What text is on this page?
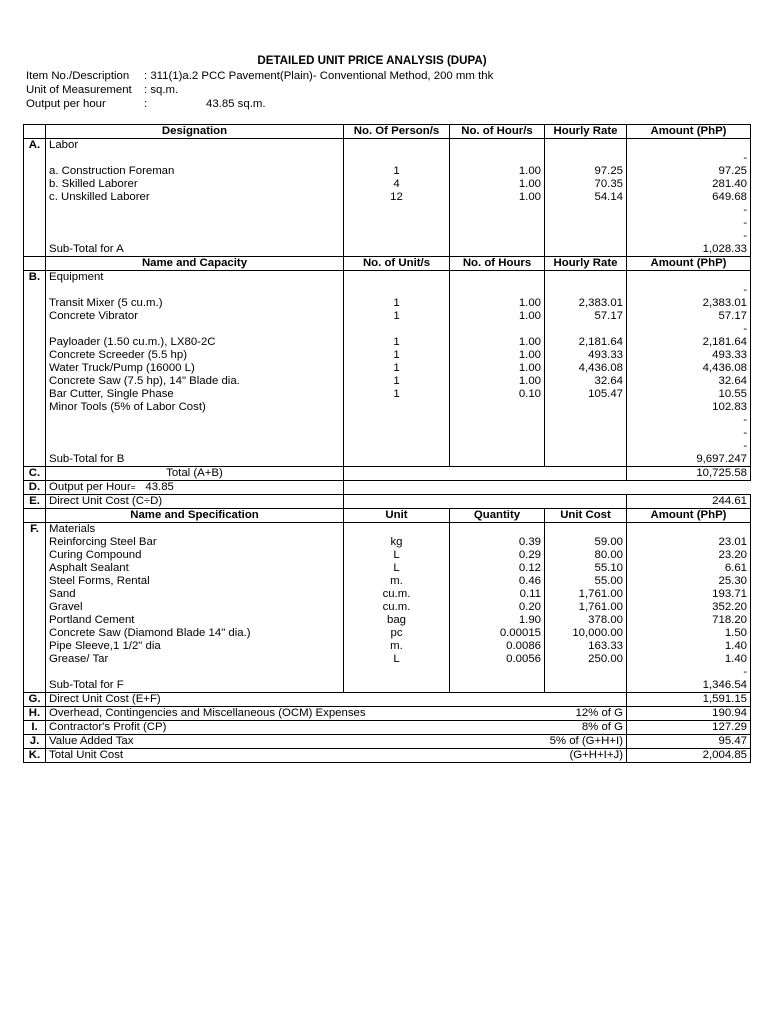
DETAILED UNIT PRICE ANALYSIS (DUPA)
Item No./Description : 311(1)a.2 PCC Pavement(Plain)- Conventional Method, 200 mm thk
Unit of Measurement : sq.m.
Output per hour	:	43.85 sq.m.
	Designation	No. Of Person/s	No. of Hour/s	Hourly Rate	Amount (PhP)
A.	Labor				
					-
	a. Construction Foreman	1	1.00	97.25	97.25
	b. Skilled Laborer	4	1.00	70.35	281.40
	c. Unskilled Laborer	12	1.00	54.14	649.68
					-
					-
					-
	Sub-Total for A				1,028.33
	Name and Capacity	No. of Unit/s	No. of Hours	Hourly Rate	Amount (PhP)
B.	Equipment				
					-
	Transit Mixer (5 cu.m.)	1	1.00	2,383.01	2,383.01
	Concrete Vibrator	1	1.00	57.17	57.17
					-
	Payloader (1.50 cu.m.), LX80-2C	1	1.00	2,181.64	2,181.64
	Concrete Screeder (5.5 hp)	1	1.00	493.33	493.33
	Water Truck/Pump (16000 L)	1	1.00	4,436.08	4,436.08
	Concrete Saw (7.5 hp), 14" Blade dia.	1	1.00	32.64	32.64
	Bar Cutter, Single Phase	1	0.10	105.47	10.55
	Minor Tools (5% of Labor Cost)				102.83
					-
					-
					-
	Sub-Total for B				9,697.247
C.	Total (A+B)				10,725.58
D.	Output per Hour= 43.85				
E.	Direct Unit Cost (C÷D)				244.61
	Name and Specification	Unit	Quantity	Unit Cost	Amount (PhP)
F.	Materials				
	Reinforcing Steel Bar	kg	0.39	59.00	23.01
	Curing Compound	L	0.29	80.00	23.20
	Asphalt Sealant	L	0.12	55.10	6.61
	Steel Forms, Rental	m.	0.46	55.00	25.30
	Sand	cu.m.	0.11	1,761.00	193.71
	Gravel	cu.m.	0.20	1,761.00	352.20
	Portland Cement	bag	1.90	378.00	718.20
	Concrete Saw (Diamond Blade 14" dia.)	pc	0.00015	10,000.00	1.50
	Pipe Sleeve,1 1/2" dia	m.	0.0086	163.33	1.40
	Grease/ Tar	L	0.0056	250.00	1.40
					-
	Sub-Total for F				1,346.54
G.	Direct Unit Cost (E+F)				1,591.15
H.	Overhead, Contingencies and Miscellaneous (OCM) Expenses			12% of G	190.94
I.	Contractor's Profit (CP)			8% of G	127.29
J.	Value Added Tax			5% of (G+H+I)	95.47
K.	Total Unit Cost			(G+H+I+J)	2,004.85
